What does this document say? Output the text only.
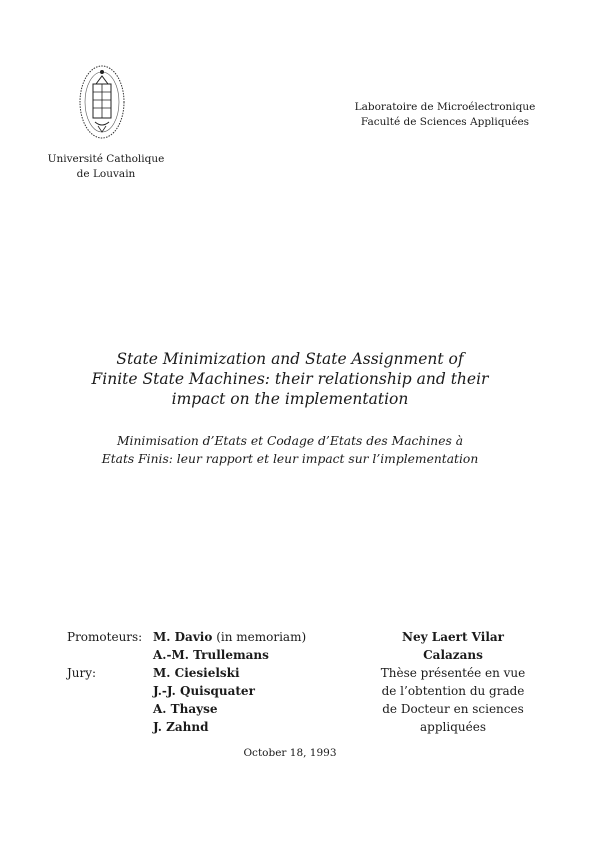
Université Catholique
de Louvain
Laboratoire de Microélectronique
Faculté de Sciences Appliquées
State Minimization and State Assignment of
Finite State Machines: their relationship and their
impact on the implementation
Minimisation d’Etats et Codage d’Etats des Machines à
Etats Finis: leur rapport et leur impact sur l’implementation
Promoteurs:
Jury:
M. Davio (in memoriam)
A.-M. Trullemans
M. Ciesielski
J.-J. Quisquater
A. Thayse
J. Zahnd
Ney Laert Vilar
Calazans
Thèse présentée en vue
de l’obtention du grade
de Docteur en sciences
appliquées
October 18, 1993
